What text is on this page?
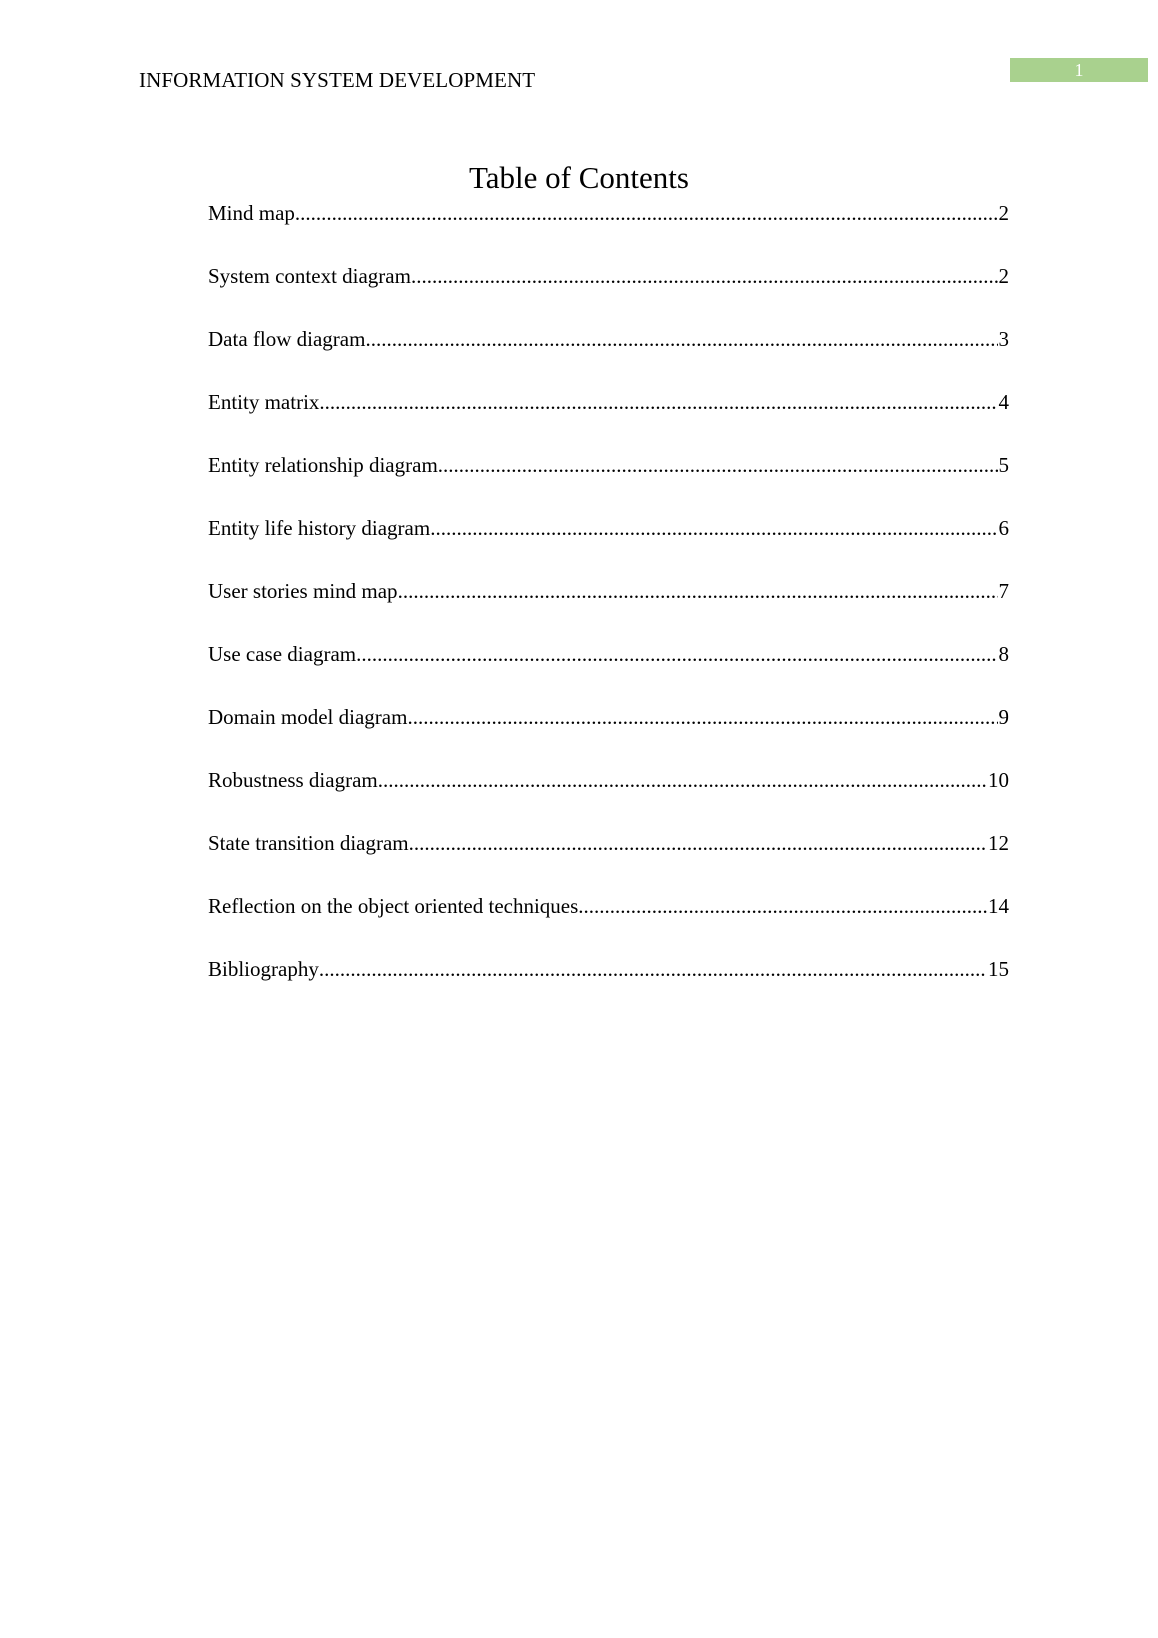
INFORMATION SYSTEM DEVELOPMENT	1
Table of Contents
Mind map .....	2
System context diagram .....	2
Data flow diagram .....	3
Entity matrix .....	4
Entity relationship diagram .....	5
Entity life history diagram .....	6
User stories mind map .....	7
Use case diagram .....	8
Domain model diagram .....	9
Robustness diagram .....	10
State transition diagram .....	12
Reflection on the object oriented techniques .....	14
Bibliography .....	15
